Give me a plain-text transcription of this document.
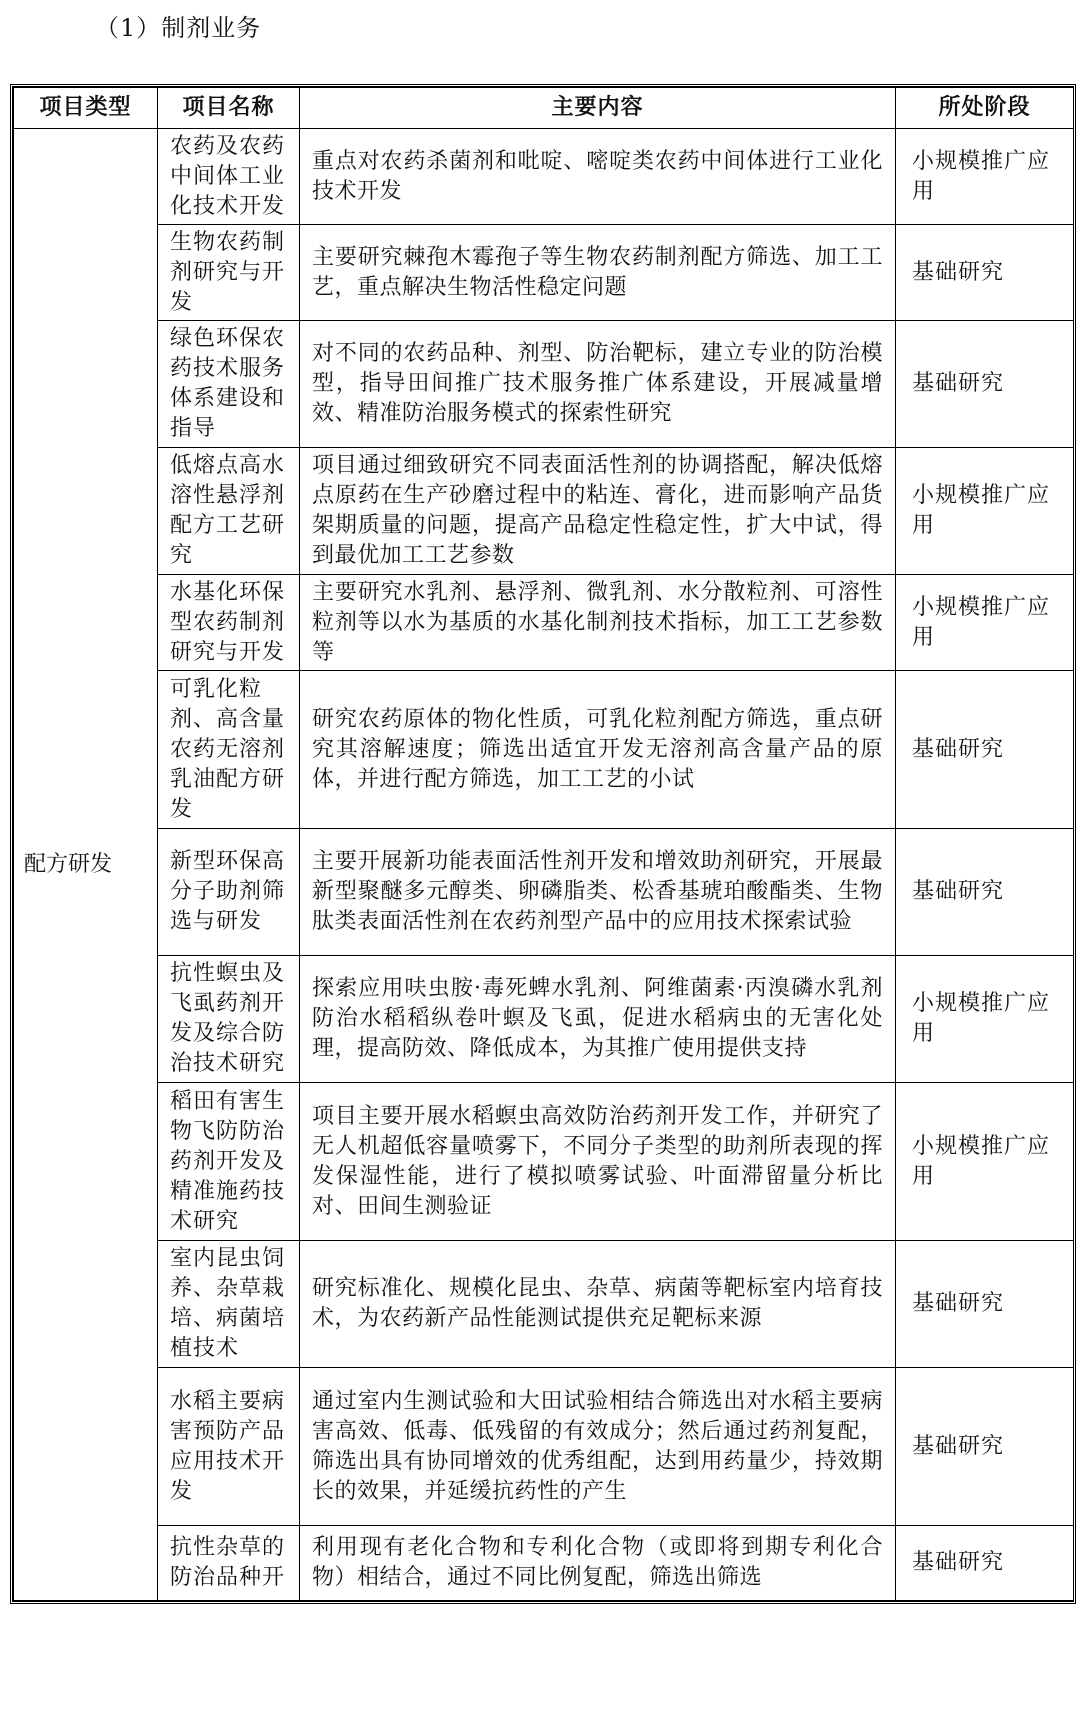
（1）制剂业务
项目类型	项目名称	主要内容	所处阶段
配方研发	农药及农药中间体工业化技术开发	重点对农药杀菌剂和吡啶、嘧啶类农药中间体进行工业化技术开发	小规模推广应用
	生物农药制剂研究与开发	主要研究棘孢木霉孢子等生物农药制剂配方筛选、加工工艺，重点解决生物活性稳定问题	基础研究
	绿色环保农药技术服务体系建设和指导	对不同的农药品种、剂型、防治靶标，建立专业的防治模型，指导田间推广技术服务推广体系建设，开展减量增效、精准防治服务模式的探索性研究	基础研究
	低熔点高水溶性悬浮剂配方工艺研究	项目通过细致研究不同表面活性剂的协调搭配，解决低熔点原药在生产砂磨过程中的粘连、膏化，进而影响产品货架期质量的问题，提高产品稳定性稳定性，扩大中试，得到最优加工工艺参数	小规模推广应用
	水基化环保型农药制剂研究与开发	主要研究水乳剂、悬浮剂、微乳剂、水分散粒剂、可溶性粒剂等以水为基质的水基化制剂技术指标，加工工艺参数等	小规模推广应用
	可乳化粒剂、高含量农药无溶剂乳油配方研发	研究农药原体的物化性质，可乳化粒剂配方筛选，重点研究其溶解速度；筛选出适宜开发无溶剂高含量产品的原体，并进行配方筛选，加工工艺的小试	基础研究
	新型环保高分子助剂筛选与研发	主要开展新功能表面活性剂开发和增效助剂研究，开展最新型聚醚多元醇类、卵磷脂类、松香基琥珀酸酯类、生物肽类表面活性剂在农药剂型产品中的应用技术探索试验	基础研究
	抗性螟虫及飞虱药剂开发及综合防治技术研究	探索应用呋虫胺·毒死蜱水乳剂、阿维菌素·丙溴磷水乳剂防治水稻稻纵卷叶螟及飞虱，促进水稻病虫的无害化处理，提高防效、降低成本，为其推广使用提供支持	小规模推广应用
	稻田有害生物飞防防治药剂开发及精准施药技术研究	项目主要开展水稻螟虫高效防治药剂开发工作，并研究了无人机超低容量喷雾下，不同分子类型的助剂所表现的挥发保湿性能，进行了模拟喷雾试验、叶面滞留量分析比对、田间生测验证	小规模推广应用
	室内昆虫饲养、杂草栽培、病菌培植技术	研究标准化、规模化昆虫、杂草、病菌等靶标室内培育技术，为农药新产品性能测试提供充足靶标来源	基础研究
	水稻主要病害预防产品应用技术开发	通过室内生测试验和大田试验相结合筛选出对水稻主要病害高效、低毒、低残留的有效成分；然后通过药剂复配，筛选出具有协同增效的优秀组配，达到用药量少，持效期长的效果，并延缓抗药性的产生	基础研究
	抗性杂草的防治品种开	利用现有老化合物和专利化合物（或即将到期专利化合物）相结合，通过不同比例复配，筛选出筛选	基础研究
